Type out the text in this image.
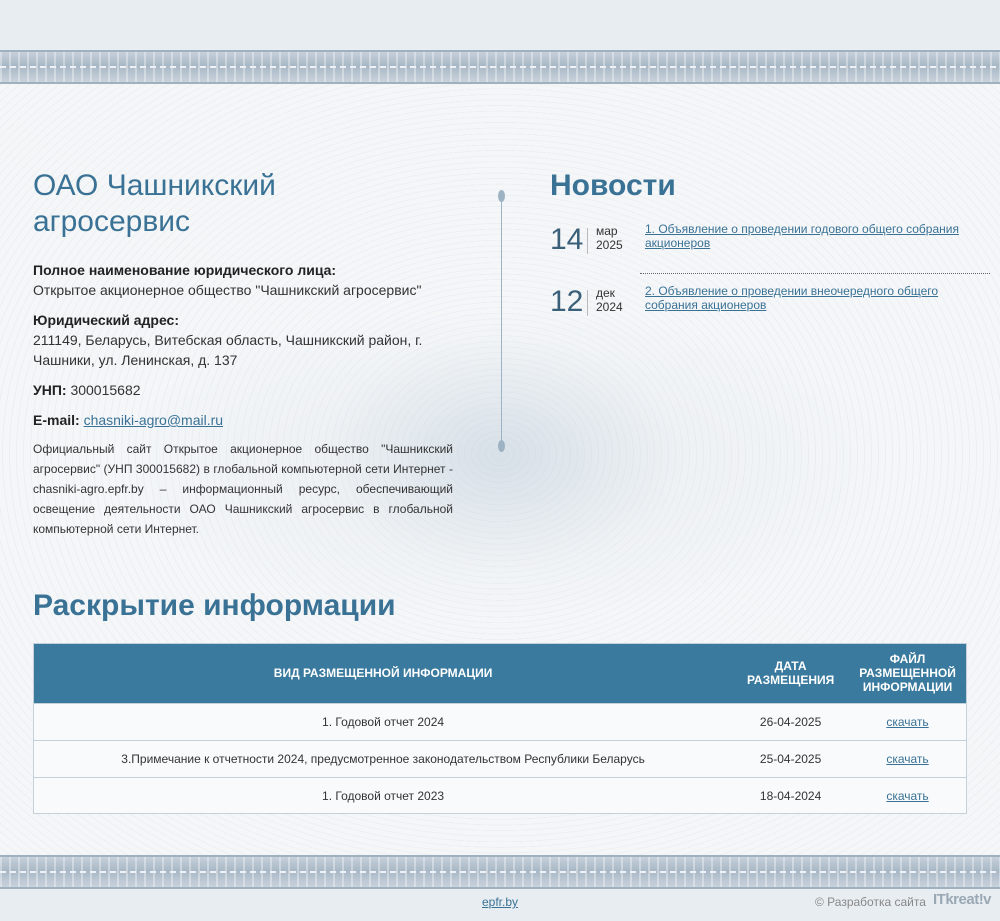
ОАО Чашникский агросервис
Полное наименование юридического лица:
Открытое акционерное общество "Чашникский агросервис"
Юридический адрес:
211149, Беларусь, Витебская область, Чашникский район, г. Чашники, ул. Ленинская, д. 137
УНП: 300015682
E-mail: chasniki-agro@mail.ru

Официальный сайт Открытое акционерное общество "Чашникский агросервис" (УНП 300015682) в глобальной компьютерной сети Интернет - chasniki-agro.epfr.by – информационный ресурс, обеспечивающий освещение деятельности ОАО Чашникский агросервис в глобальной компьютерной сети Интернет.

Новости
14 мар
2025
1. Объявление о проведении годового общего собрания акционеров
12 дек
2024
2. Объявление о проведении внеочередного общего собрания акционеров
Раскрытие информации
ВИД РАЗМЕЩЕННОЙ ИНФОРМАЦИИ	ДАТА РАЗМЕЩЕНИЯ	ФАЙЛ РАЗМЕЩЕННОЙ ИНФОРМАЦИИ
1. Годовой отчет 2024	26-04-2025	скачать
3.Примечание к отчетности 2024, предусмотренное законодательством Республики Беларусь	25-04-2025	скачать
1. Годовой отчет 2023	18-04-2024	скачать
epfr.by	© Разработка сайта ITkreat!v
